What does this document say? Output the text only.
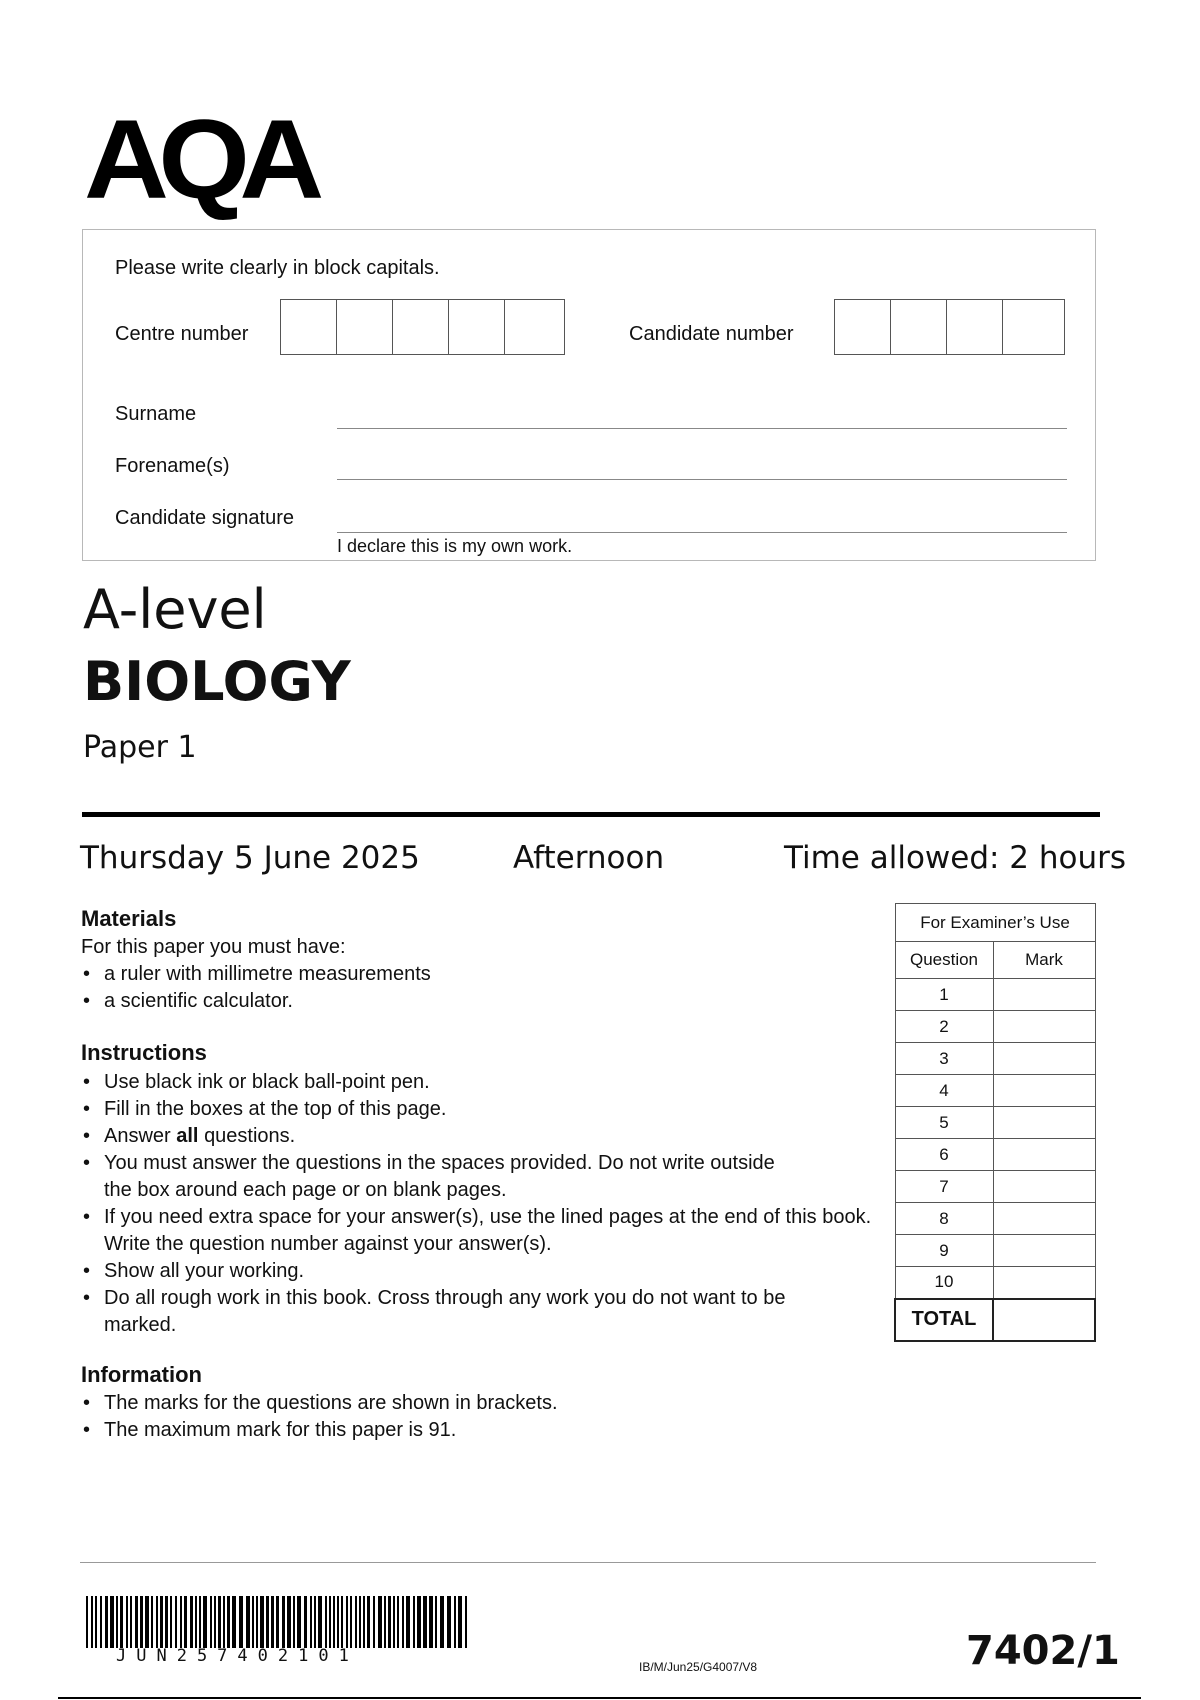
AQA
Please write clearly in block capitals.
Centre number	Candidate number
Surname
Forename(s)
Candidate signature
I declare this is my own work.
A-level
BIOLOGY
Paper 1
Thursday 5 June 2025	Afternoon	Time allowed: 2 hours
Materials
For this paper you must have:
• a ruler with millimetre measurements
• a scientific calculator.
Instructions
• Use black ink or black ball-point pen.
• Fill in the boxes at the top of this page.
• Answer all questions.
• You must answer the questions in the spaces provided. Do not write outside the box around each page or on blank pages.
• If you need extra space for your answer(s), use the lined pages at the end of this book. Write the question number against your answer(s).
• Show all your working.
• Do all rough work in this book. Cross through any work you do not want to be marked.
Information
• The marks for the questions are shown in brackets.
• The maximum mark for this paper is 91.
For Examiner’s Use	
Question	Mark
1	
2	
3	
4	
5	
6	
7	
8	
9	
10	
TOTAL	
JUN257402101
IB/M/Jun25/G4007/V8	7402/1
